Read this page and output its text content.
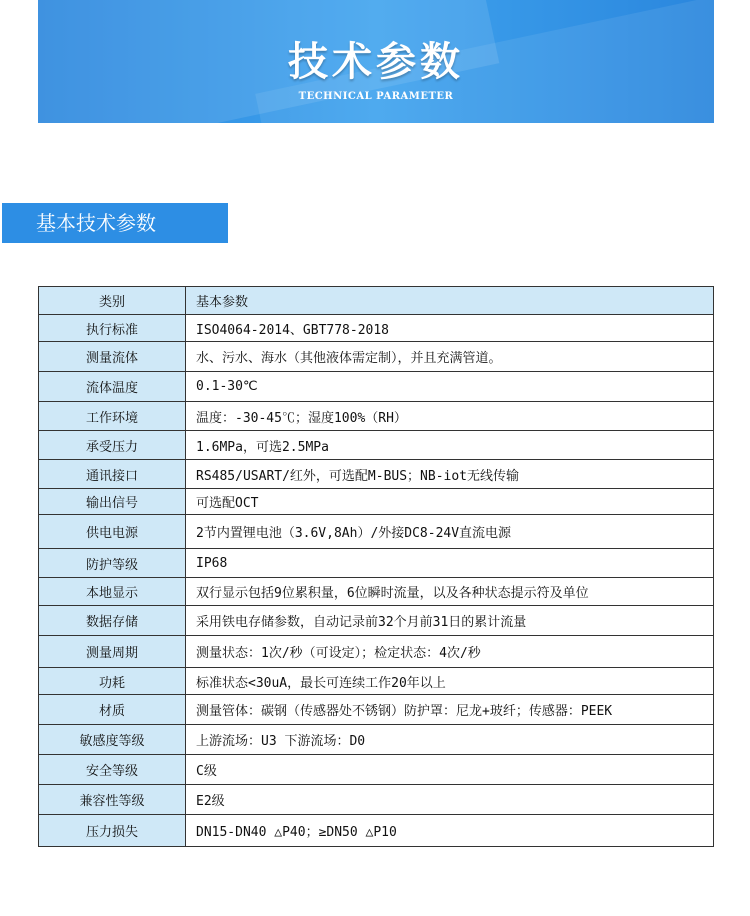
技术参数
TECHNICAL PARAMETER
基本技术参数
类别	基本参数
执行标准	ISO4064-2014、GBT778-2018
测量流体	水、污水、海水（其他液体需定制），并且充满管道。
流体温度	0.1-30℃
工作环境	温度：-30-45℃；湿度100%（RH）
承受压力	1.6MPa，可选2.5MPa
通讯接口	RS485/USART/红外，可选配M-BUS；NB-iot无线传输
输出信号	可选配OCT
供电电源	2节内置锂电池（3.6V,8Ah）/外接DC8-24V直流电源
防护等级	IP68
本地显示	双行显示包括9位累积量，6位瞬时流量，以及各种状态提示符及单位
数据存储	采用铁电存储参数，自动记录前32个月前31日的累计流量
测量周期	测量状态：1次/秒（可设定）；检定状态：4次/秒
功耗	标准状态<30uA，最长可连续工作20年以上
材质	测量管体：碳钢（传感器处不锈钢）防护罩：尼龙+玻纤；传感器：PEEK
敏感度等级	上游流场：U3 下游流场：D0
安全等级	C级
兼容性等级	E2级
压力损失	DN15-DN40 △P40；≥DN50 △P10
